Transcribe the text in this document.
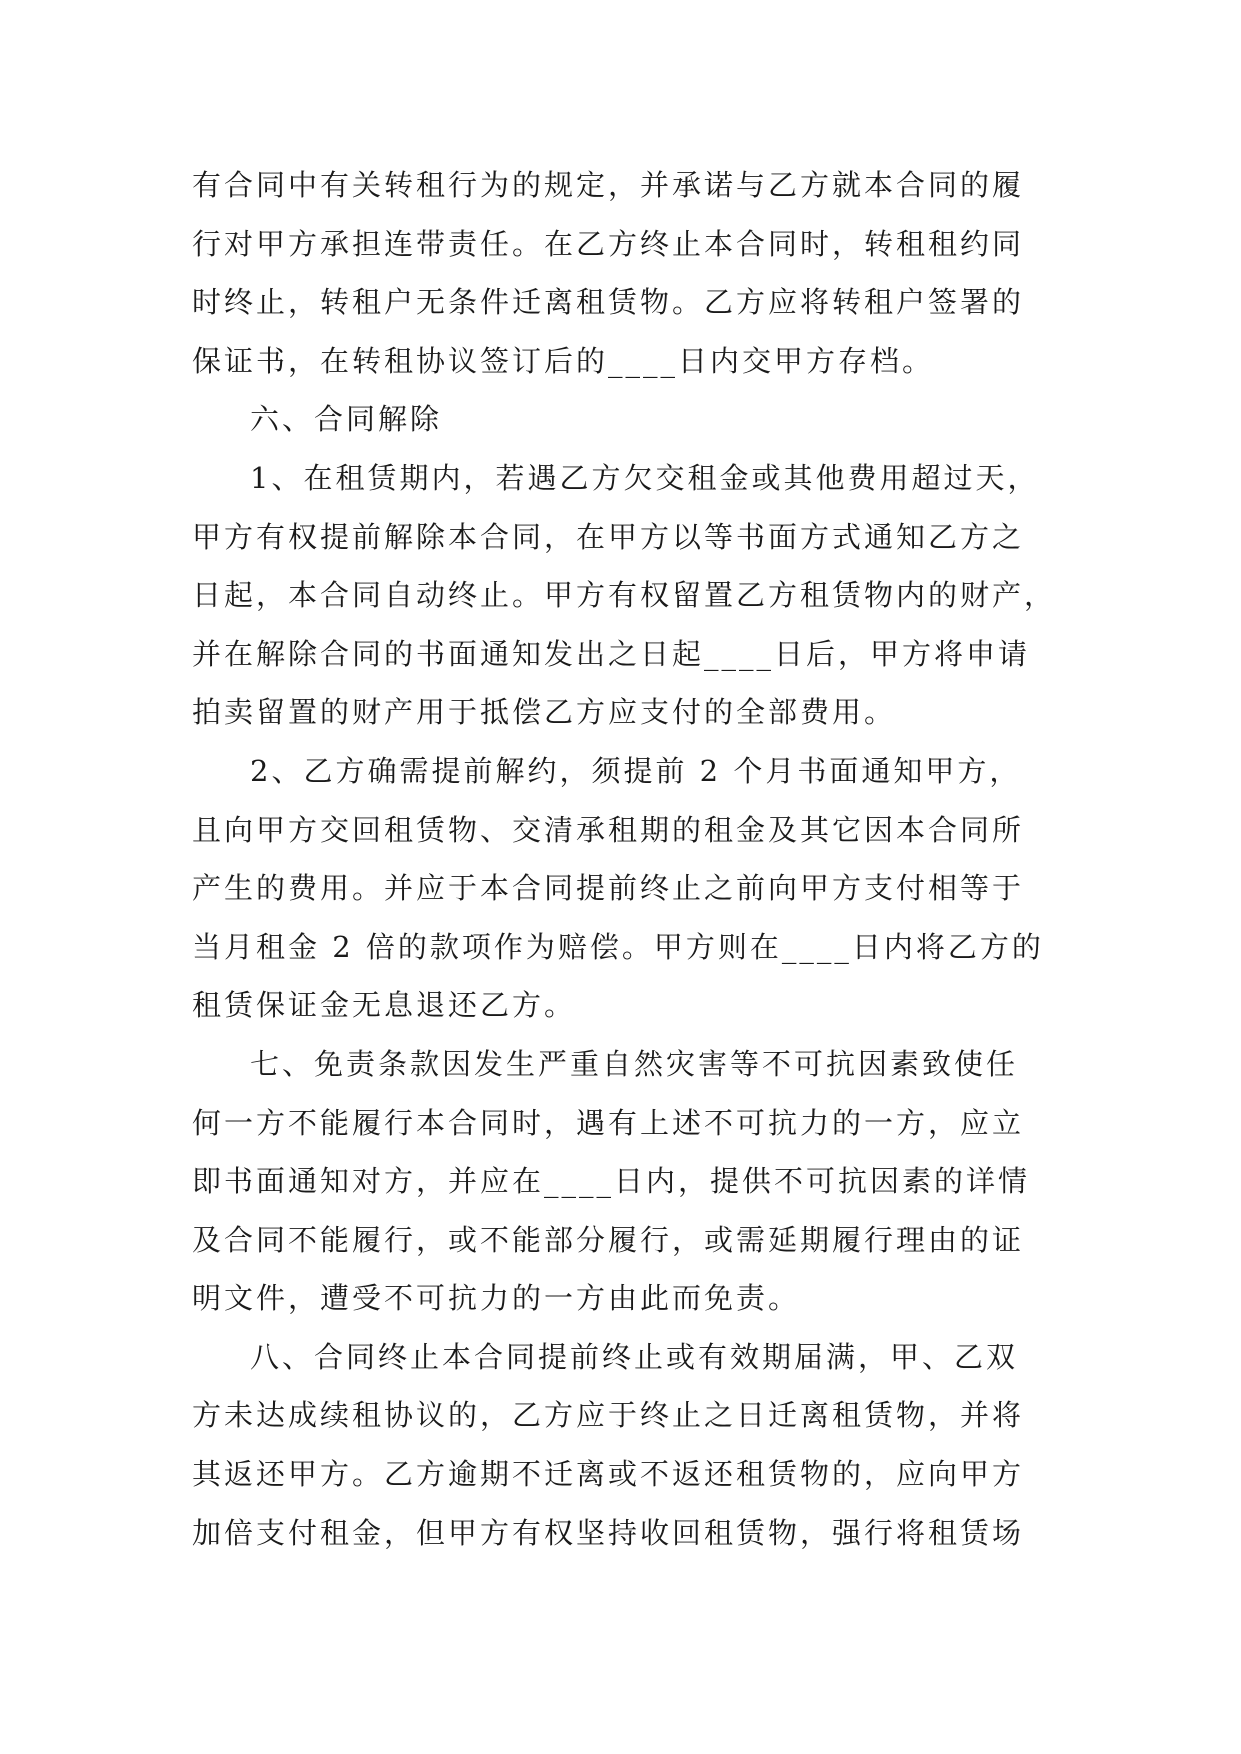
有合同中有关转租行为的规定，并承诺与乙方就本合同的履
行对甲方承担连带责任。在乙方终止本合同时，转租租约同
时终止，转租户无条件迁离租赁物。乙方应将转租户签署的
保证书，在转租协议签订后的____日内交甲方存档。

六、合同解除

1、在租赁期内，若遇乙方欠交租金或其他费用超过天，
甲方有权提前解除本合同，在甲方以等书面方式通知乙方之
日起，本合同自动终止。甲方有权留置乙方租赁物内的财产，
并在解除合同的书面通知发出之日起____日后，甲方将申请
拍卖留置的财产用于抵偿乙方应支付的全部费用。

2、乙方确需提前解约，须提前 2 个月书面通知甲方，
且向甲方交回租赁物、交清承租期的租金及其它因本合同所
产生的费用。并应于本合同提前终止之前向甲方支付相等于
当月租金 2 倍的款项作为赔偿。甲方则在____日内将乙方的
租赁保证金无息退还乙方。

七、免责条款因发生严重自然灾害等不可抗因素致使任
何一方不能履行本合同时，遇有上述不可抗力的一方，应立
即书面通知对方，并应在____日内，提供不可抗因素的详情
及合同不能履行，或不能部分履行，或需延期履行理由的证
明文件，遭受不可抗力的一方由此而免责。

八、合同终止本合同提前终止或有效期届满，甲、乙双
方未达成续租协议的，乙方应于终止之日迁离租赁物，并将
其返还甲方。乙方逾期不迁离或不返还租赁物的，应向甲方
加倍支付租金，但甲方有权坚持收回租赁物，强行将租赁场
